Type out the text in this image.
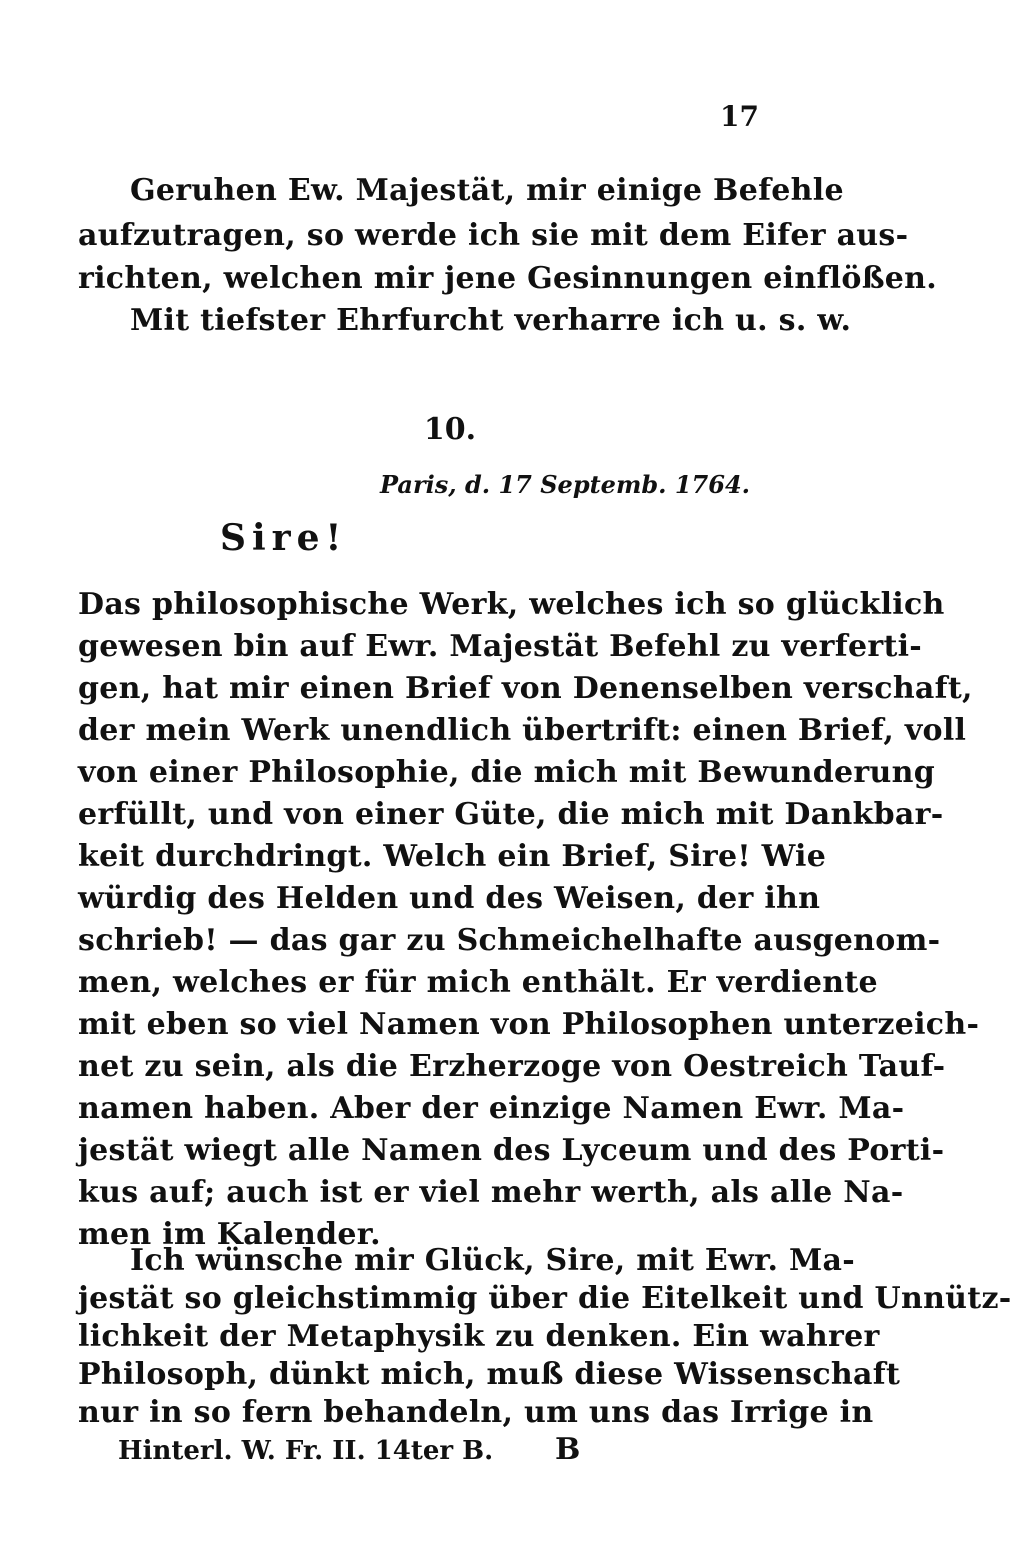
17
Geruhen Ew. Majestät, mir einige Befehle
aufzutragen, so werde ich sie mit dem Eifer aus-
richten, welchen mir jene Gesinnungen einflößen.
Mit tiefster Ehrfurcht verharre ich u. s. w.
10.
Paris, d. 17 Septemb. 1764.
Sire!
Das philosophische Werk, welches ich so glücklich
gewesen bin auf Ewr. Majestät Befehl zu verferti-
gen, hat mir einen Brief von Denenselben verschaft,
der mein Werk unendlich übertrift: einen Brief, voll
von einer Philosophie, die mich mit Bewunderung
erfüllt, und von einer Güte, die mich mit Dankbar-
keit durchdringt. Welch ein Brief, Sire! Wie
würdig des Helden und des Weisen, der ihn
schrieb! — das gar zu Schmeichelhafte ausgenom-
men, welches er für mich enthält. Er verdiente
mit eben so viel Namen von Philosophen unterzeich-
net zu sein, als die Erzherzoge von Oestreich Tauf-
namen haben. Aber der einzige Namen Ewr. Ma-
jestät wiegt alle Namen des Lyceum und des Porti-
kus auf; auch ist er viel mehr werth, als alle Na-
men im Kalender.
Ich wünsche mir Glück, Sire, mit Ewr. Ma-
jestät so gleichstimmig über die Eitelkeit und Unnütz-
lichkeit der Metaphysik zu denken. Ein wahrer
Philosoph, dünkt mich, muß diese Wissenschaft
Hinterl. W. Fr. II. 14ter B. B
nur in so fern behandeln, um uns das Irrige in
